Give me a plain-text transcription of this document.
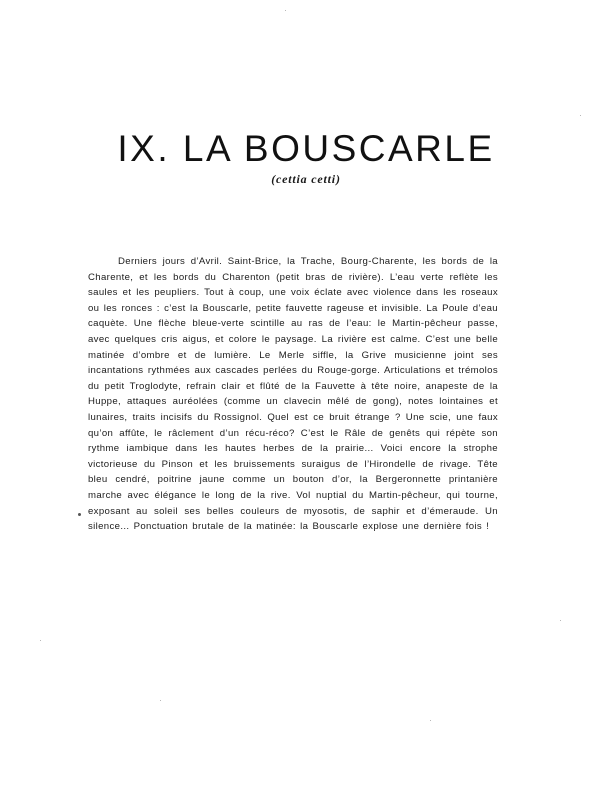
IX. LA BOUSCARLE

(cettia cetti)

Derniers jours d’Avril. Saint-Brice, la Trache, Bourg-Charente, les bords de la Charente, et les bords du Charenton (petit bras de rivière). L’eau verte reflète les saules et les peupliers. Tout à coup, une voix éclate avec violence dans les roseaux ou les ronces : c’est la Bouscarle, petite fauvette rageuse et invisible. La Poule d’eau caquète. Une flèche bleue-verte scintille au ras de l’eau: le Martin-pêcheur passe, avec quelques cris aigus, et colore le paysage. La rivière est calme. C’est une belle matinée d’ombre et de lumière. Le Merle siffle, la Grive musicienne joint ses incantations rythmées aux cascades perlées du Rouge-gorge. Articulations et trémolos du petit Troglodyte, refrain clair et flûté de la Fauvette à tête noire, anapeste de la Huppe, attaques auréolées (comme un clavecin mêlé de gong), notes lointaines et lunaires, traits incisifs du Rossignol. Quel est ce bruit étrange ? Une scie, une faux qu’on affûte, le râclement d’un récu-réco? C’est le Râle de genêts qui répète son rythme iambique dans les hautes herbes de la prairie... Voici encore la strophe victorieuse du Pinson et les bruissements suraigus de l’Hirondelle de rivage. Tête bleu cendré, poitrine jaune comme un bouton d’or, la Bergeronnette printanière marche avec élégance le long de la rive. Vol nuptial du Martin-pêcheur, qui tourne, exposant au soleil ses belles couleurs de myosotis, de saphir et d’émeraude. Un silence... Ponctuation brutale de la matinée: la Bouscarle explose une dernière fois !
